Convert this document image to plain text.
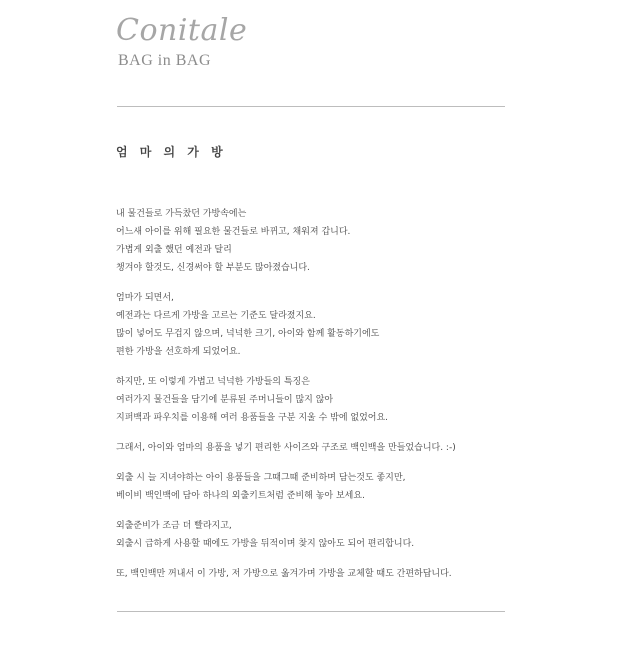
Conitale
BAG in BAG
엄 마 의 가 방
내 물건들로 가득찼던 가방속에는
어느새 아이를 위해 필요한 물건들로 바뀌고, 채워져 갑니다.
가볍게 외출 했던 예전과 달리
챙겨야 할것도, 신경써야 할 부분도 많아졌습니다.
엄마가 되면서,
예전과는 다르게 가방을 고르는 기준도 달라졌지요.
많이 넣어도 무겁지 않으며, 넉넉한 크기, 아이와 함께 활동하기에도
편한 가방을 선호하게 되었어요.
하지만, 또 이렇게 가볍고 넉넉한 가방들의 특징은
여러가지 물건들을 담기에 분류된 주머니들이 많지 않아
지퍼백과 파우치를 이용해 여러 용품들을 구분 지울 수 밖에 없었어요.
그래서, 아이와 엄마의 용품을 넣기 편리한 사이즈와 구조로 백인백을 만들었습니다. :-)
외출 시 늘 지녀야하는 아이 용품들을 그때그때 준비하며 담는것도 좋지만,
베이비 백인백에 담아 하나의 외출키트처럼 준비해 놓아 보세요.
외출준비가 조금 더 빨라지고,
외출시 급하게 사용할 때에도 가방을 뒤적이며 찾지 않아도 되어 편리합니다.
또, 백인백만 꺼내서 이 가방, 저 가방으로 옮겨가며 가방을 교체할 때도 간편하답니다.
